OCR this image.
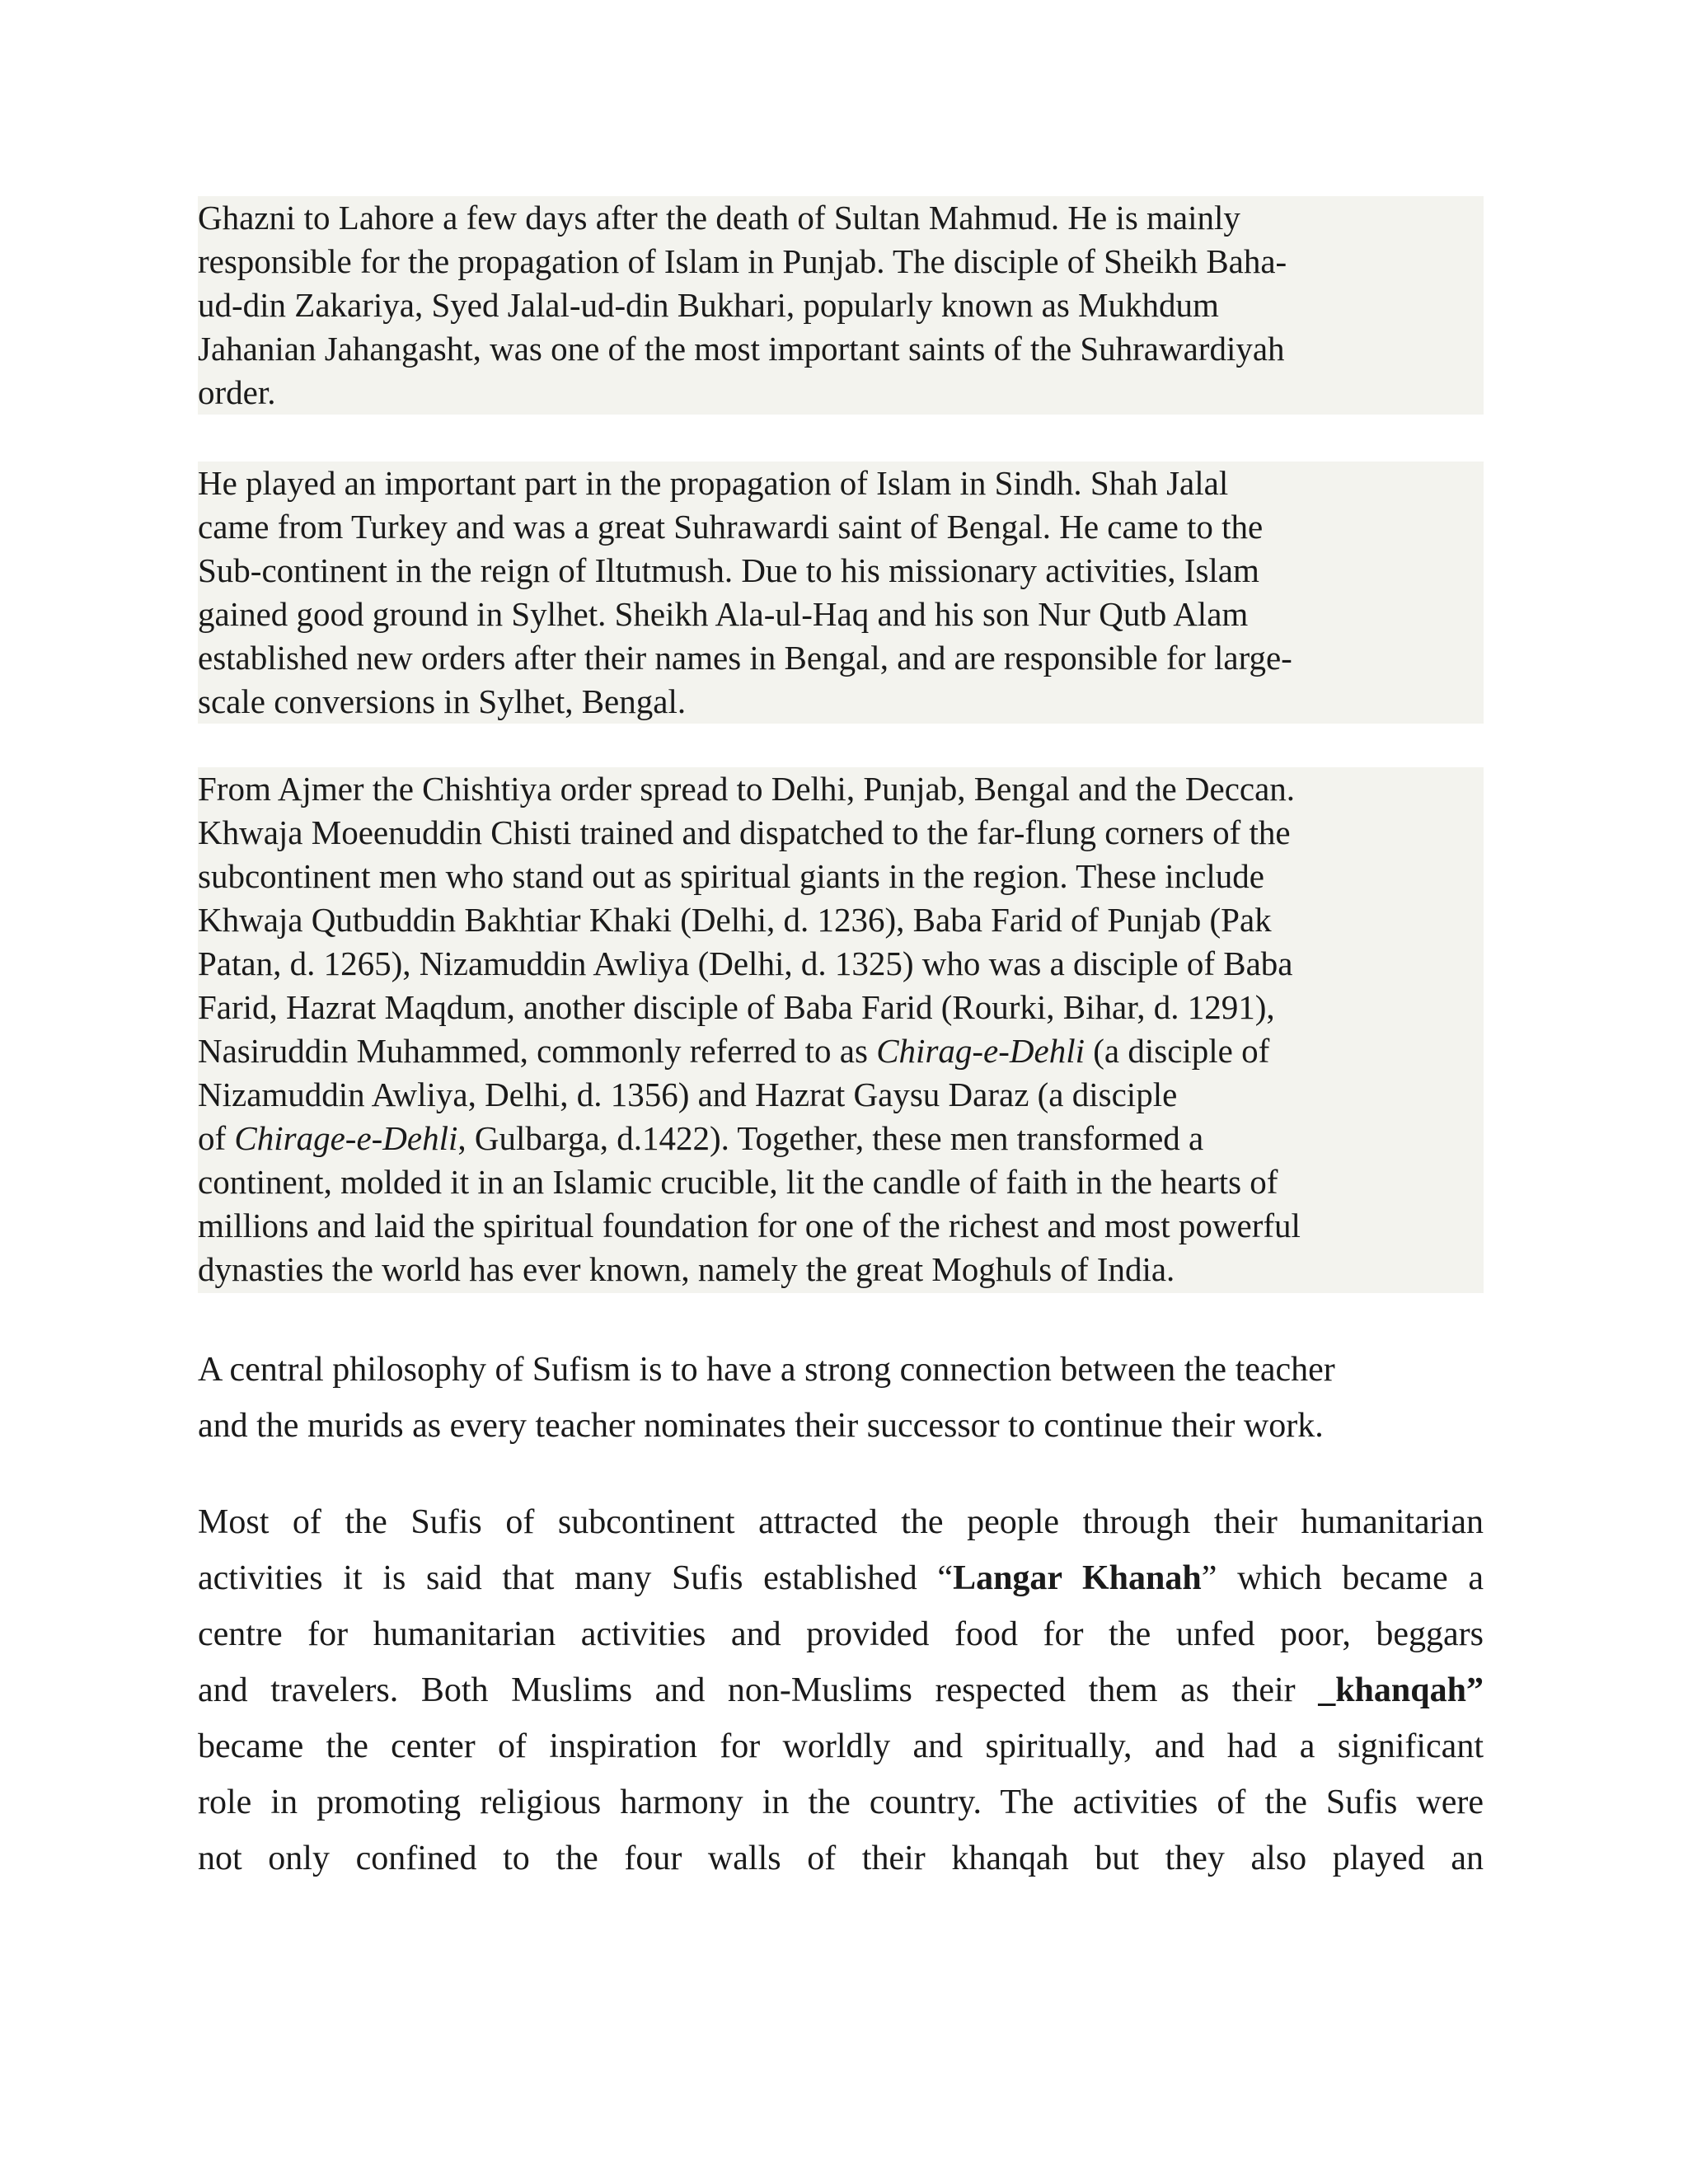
Ghazni to Lahore a few days after the death of Sultan Mahmud. He is mainly
responsible for the propagation of Islam in Punjab. The disciple of Sheikh Baha-
ud-din Zakariya, Syed Jalal-ud-din Bukhari, popularly known as Mukhdum
Jahanian Jahangasht, was one of the most important saints of the Suhrawardiyah
order.
He played an important part in the propagation of Islam in Sindh. Shah Jalal
came from Turkey and was a great Suhrawardi saint of Bengal. He came to the
Sub-continent in the reign of Iltutmush. Due to his missionary activities, Islam
gained good ground in Sylhet. Sheikh Ala-ul-Haq and his son Nur Qutb Alam
established new orders after their names in Bengal, and are responsible for large-
scale conversions in Sylhet, Bengal.
From Ajmer the Chishtiya order spread to Delhi, Punjab, Bengal and the Deccan.
Khwaja Moeenuddin Chisti trained and dispatched to the far-flung corners of the
subcontinent men who stand out as spiritual giants in the region. These include
Khwaja Qutbuddin Bakhtiar Khaki (Delhi, d. 1236), Baba Farid of Punjab (Pak
Patan, d. 1265), Nizamuddin Awliya (Delhi, d. 1325) who was a disciple of Baba
Farid, Hazrat Maqdum, another disciple of Baba Farid (Rourki, Bihar, d. 1291),
Nasiruddin Muhammed, commonly referred to as Chirag-e-Dehli (a disciple of
Nizamuddin Awliya, Delhi, d. 1356) and Hazrat Gaysu Daraz (a disciple
of Chirage-e-Dehli, Gulbarga, d.1422). Together, these men transformed a
continent, molded it in an Islamic crucible, lit the candle of faith in the hearts of
millions and laid the spiritual foundation for one of the richest and most powerful
dynasties the world has ever known, namely the great Moghuls of India.
A central philosophy of Sufism is to have a strong connection between the teacher
and the murids as every teacher nominates their successor to continue their work.
Most of the Sufis of subcontinent attracted the people through their humanitarian
activities it is said that many Sufis established “Langar Khanah” which became a
centre for humanitarian activities and provided food for the unfed poor, beggars
and travelers. Both Muslims and non-Muslims respected them as their _khanqah”
became the center of inspiration for worldly and spiritually, and had a significant
role in promoting religious harmony in the country. The activities of the Sufis were
not only confined to the four walls of their khanqah but they also played an
